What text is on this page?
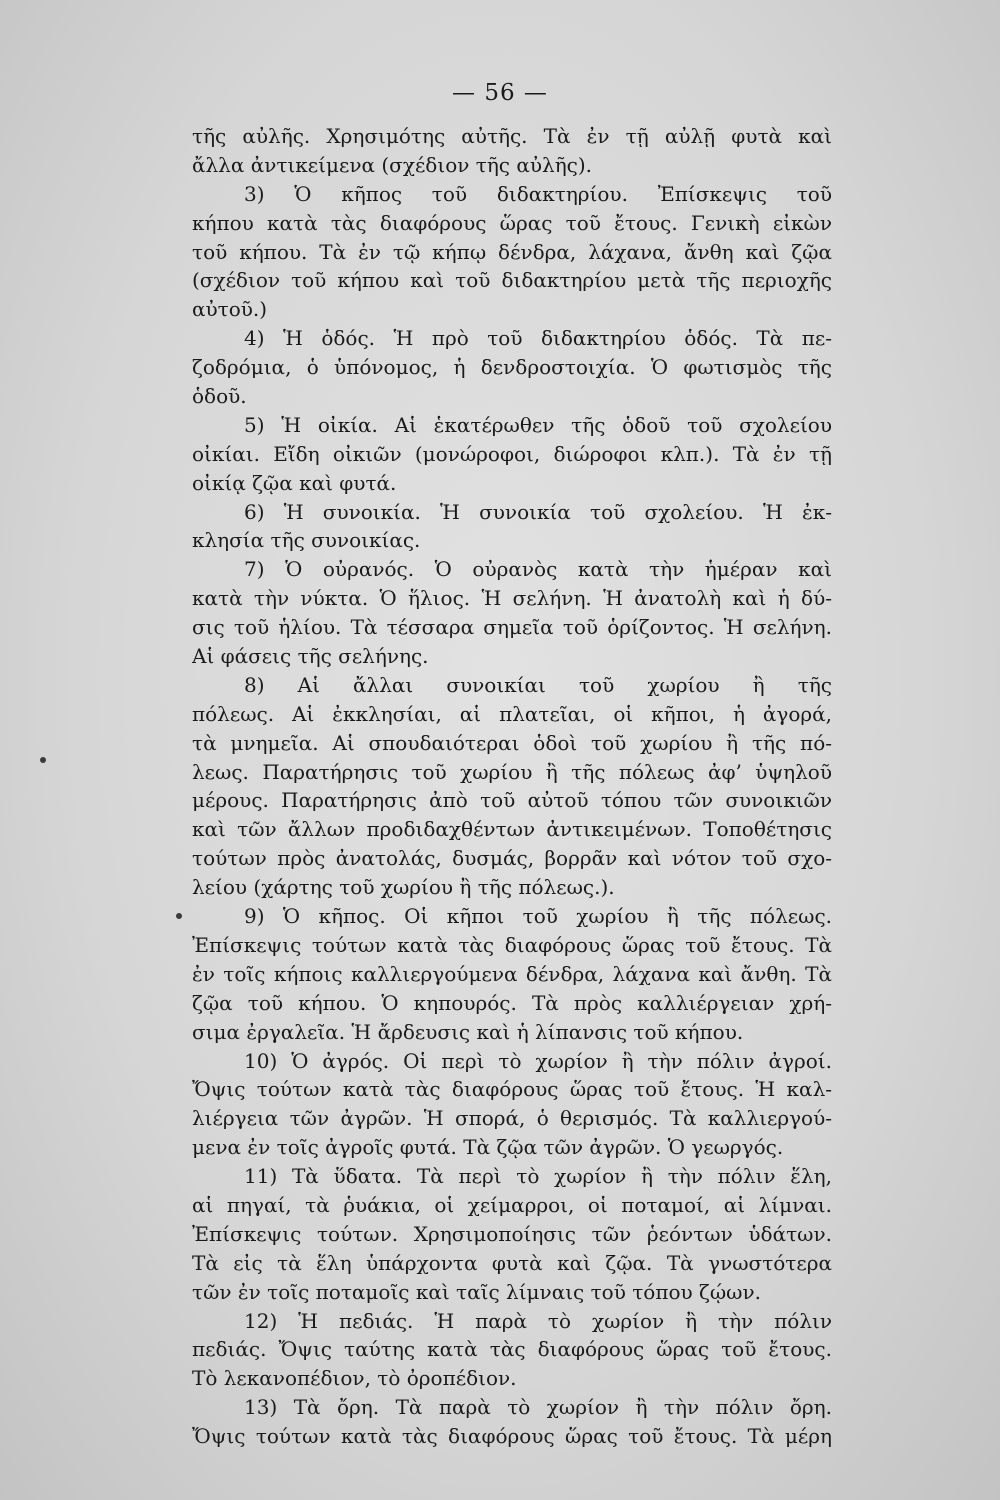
— 56 —
τῆς αὐλῆς. Χρησιμότης αὐτῆς. Τὰ ἐν τῇ αὐλῇ φυτὰ καὶ
ἄλλα ἀντικείμενα (σχέδιον τῆς αὐλῆς).
3) Ὁ κῆπος τοῦ διδακτηρίου. Ἐπίσκεψις τοῦ
κήπου κατὰ τὰς διαφόρους ὥρας τοῦ ἔτους. Γενικὴ εἰκὼν
τοῦ κήπου. Τὰ ἐν τῷ κήπῳ δένδρα, λάχανα, ἄνθη καὶ ζῷα
(σχέδιον τοῦ κήπου καὶ τοῦ διδακτηρίου μετὰ τῆς περιοχῆς
αὐτοῦ.)
4) Ἡ ὁδός. Ἡ πρὸ τοῦ διδακτηρίου ὁδός. Τὰ πε-
ζοδρόμια, ὁ ὑπόνομος, ἡ δενδροστοιχία. Ὁ φωτισμὸς τῆς
ὁδοῦ.
5) Ἡ οἰκία. Αἱ ἑκατέρωθεν τῆς ὁδοῦ τοῦ σχολείου
οἰκίαι. Εἴδη οἰκιῶν (μονώροφοι, διώροφοι κλπ.). Τὰ ἐν τῇ
οἰκίᾳ ζῷα καὶ φυτά.
6) Ἡ συνοικία. Ἡ συνοικία τοῦ σχολείου. Ἡ ἐκ-
κλησία τῆς συνοικίας.
7) Ὁ οὐρανός. Ὁ οὐρανὸς κατὰ τὴν ἡμέραν καὶ
κατὰ τὴν νύκτα. Ὁ ἥλιος. Ἡ σελήνη. Ἡ ἀνατολὴ καὶ ἡ δύ-
σις τοῦ ἡλίου. Τὰ τέσσαρα σημεῖα τοῦ ὁρίζοντος. Ἡ σελήνη.
Αἱ φάσεις τῆς σελήνης.
8) Αἱ ἄλλαι συνοικίαι τοῦ χωρίου ἢ τῆς
πόλεως. Αἱ ἐκκλησίαι, αἱ πλατεῖαι, οἱ κῆποι, ἡ ἀγορά,
τὰ μνημεῖα. Αἱ σπουδαιότεραι ὁδοὶ τοῦ χωρίου ἢ τῆς πό-
λεως. Παρατήρησις τοῦ χωρίου ἢ τῆς πόλεως ἀφ’ ὑψηλοῦ
μέρους. Παρατήρησις ἀπὸ τοῦ αὐτοῦ τόπου τῶν συνοικιῶν
καὶ τῶν ἄλλων προδιδαχθέντων ἀντικειμένων. Τοποθέτησις
τούτων πρὸς ἀνατολάς, δυσμάς, βορρᾶν καὶ νότον τοῦ σχο-
λείου (χάρτης τοῦ χωρίου ἢ τῆς πόλεως.).
9) Ὁ κῆπος. Οἱ κῆποι τοῦ χωρίου ἢ τῆς πόλεως.
Ἐπίσκεψις τούτων κατὰ τὰς διαφόρους ὥρας τοῦ ἔτους. Τὰ
ἐν τοῖς κήποις καλλιεργούμενα δένδρα, λάχανα καὶ ἄνθη. Τὰ
ζῷα τοῦ κήπου. Ὁ κηπουρός. Τὰ πρὸς καλλιέργειαν χρή-
σιμα ἐργαλεῖα. Ἡ ἄρδευσις καὶ ἡ λίπανσις τοῦ κήπου.
10) Ὁ ἀγρός. Οἱ περὶ τὸ χωρίον ἢ τὴν πόλιν ἀγροί.
Ὄψις τούτων κατὰ τὰς διαφόρους ὥρας τοῦ ἔτους. Ἡ καλ-
λιέργεια τῶν ἀγρῶν. Ἡ σπορά, ὁ θερισμός. Τὰ καλλιεργού-
μενα ἐν τοῖς ἀγροῖς φυτά. Τὰ ζῷα τῶν ἀγρῶν. Ὁ γεωργός.
11) Τὰ ὕδατα. Τὰ περὶ τὸ χωρίον ἢ τὴν πόλιν ἕλη,
αἱ πηγαί, τὰ ῥυάκια, οἱ χείμαρροι, οἱ ποταμοί, αἱ λίμναι.
Ἐπίσκεψις τούτων. Χρησιμοποίησις τῶν ῥεόντων ὑδάτων.
Τὰ εἰς τὰ ἕλη ὑπάρχοντα φυτὰ καὶ ζῷα. Τὰ γνωστότερα
τῶν ἐν τοῖς ποταμοῖς καὶ ταῖς λίμναις τοῦ τόπου ζῴων.
12) Ἡ πεδιάς. Ἡ παρὰ τὸ χωρίον ἢ τὴν πόλιν
πεδιάς. Ὄψις ταύτης κατὰ τὰς διαφόρους ὥρας τοῦ ἔτους.
Τὸ λεκανοπέδιον, τὸ ὀροπέδιον.
13) Τὰ ὄρη. Τὰ παρὰ τὸ χωρίον ἢ τὴν πόλιν ὄρη.
Ὄψις τούτων κατὰ τὰς διαφόρους ὥρας τοῦ ἔτους. Τὰ μέρη
